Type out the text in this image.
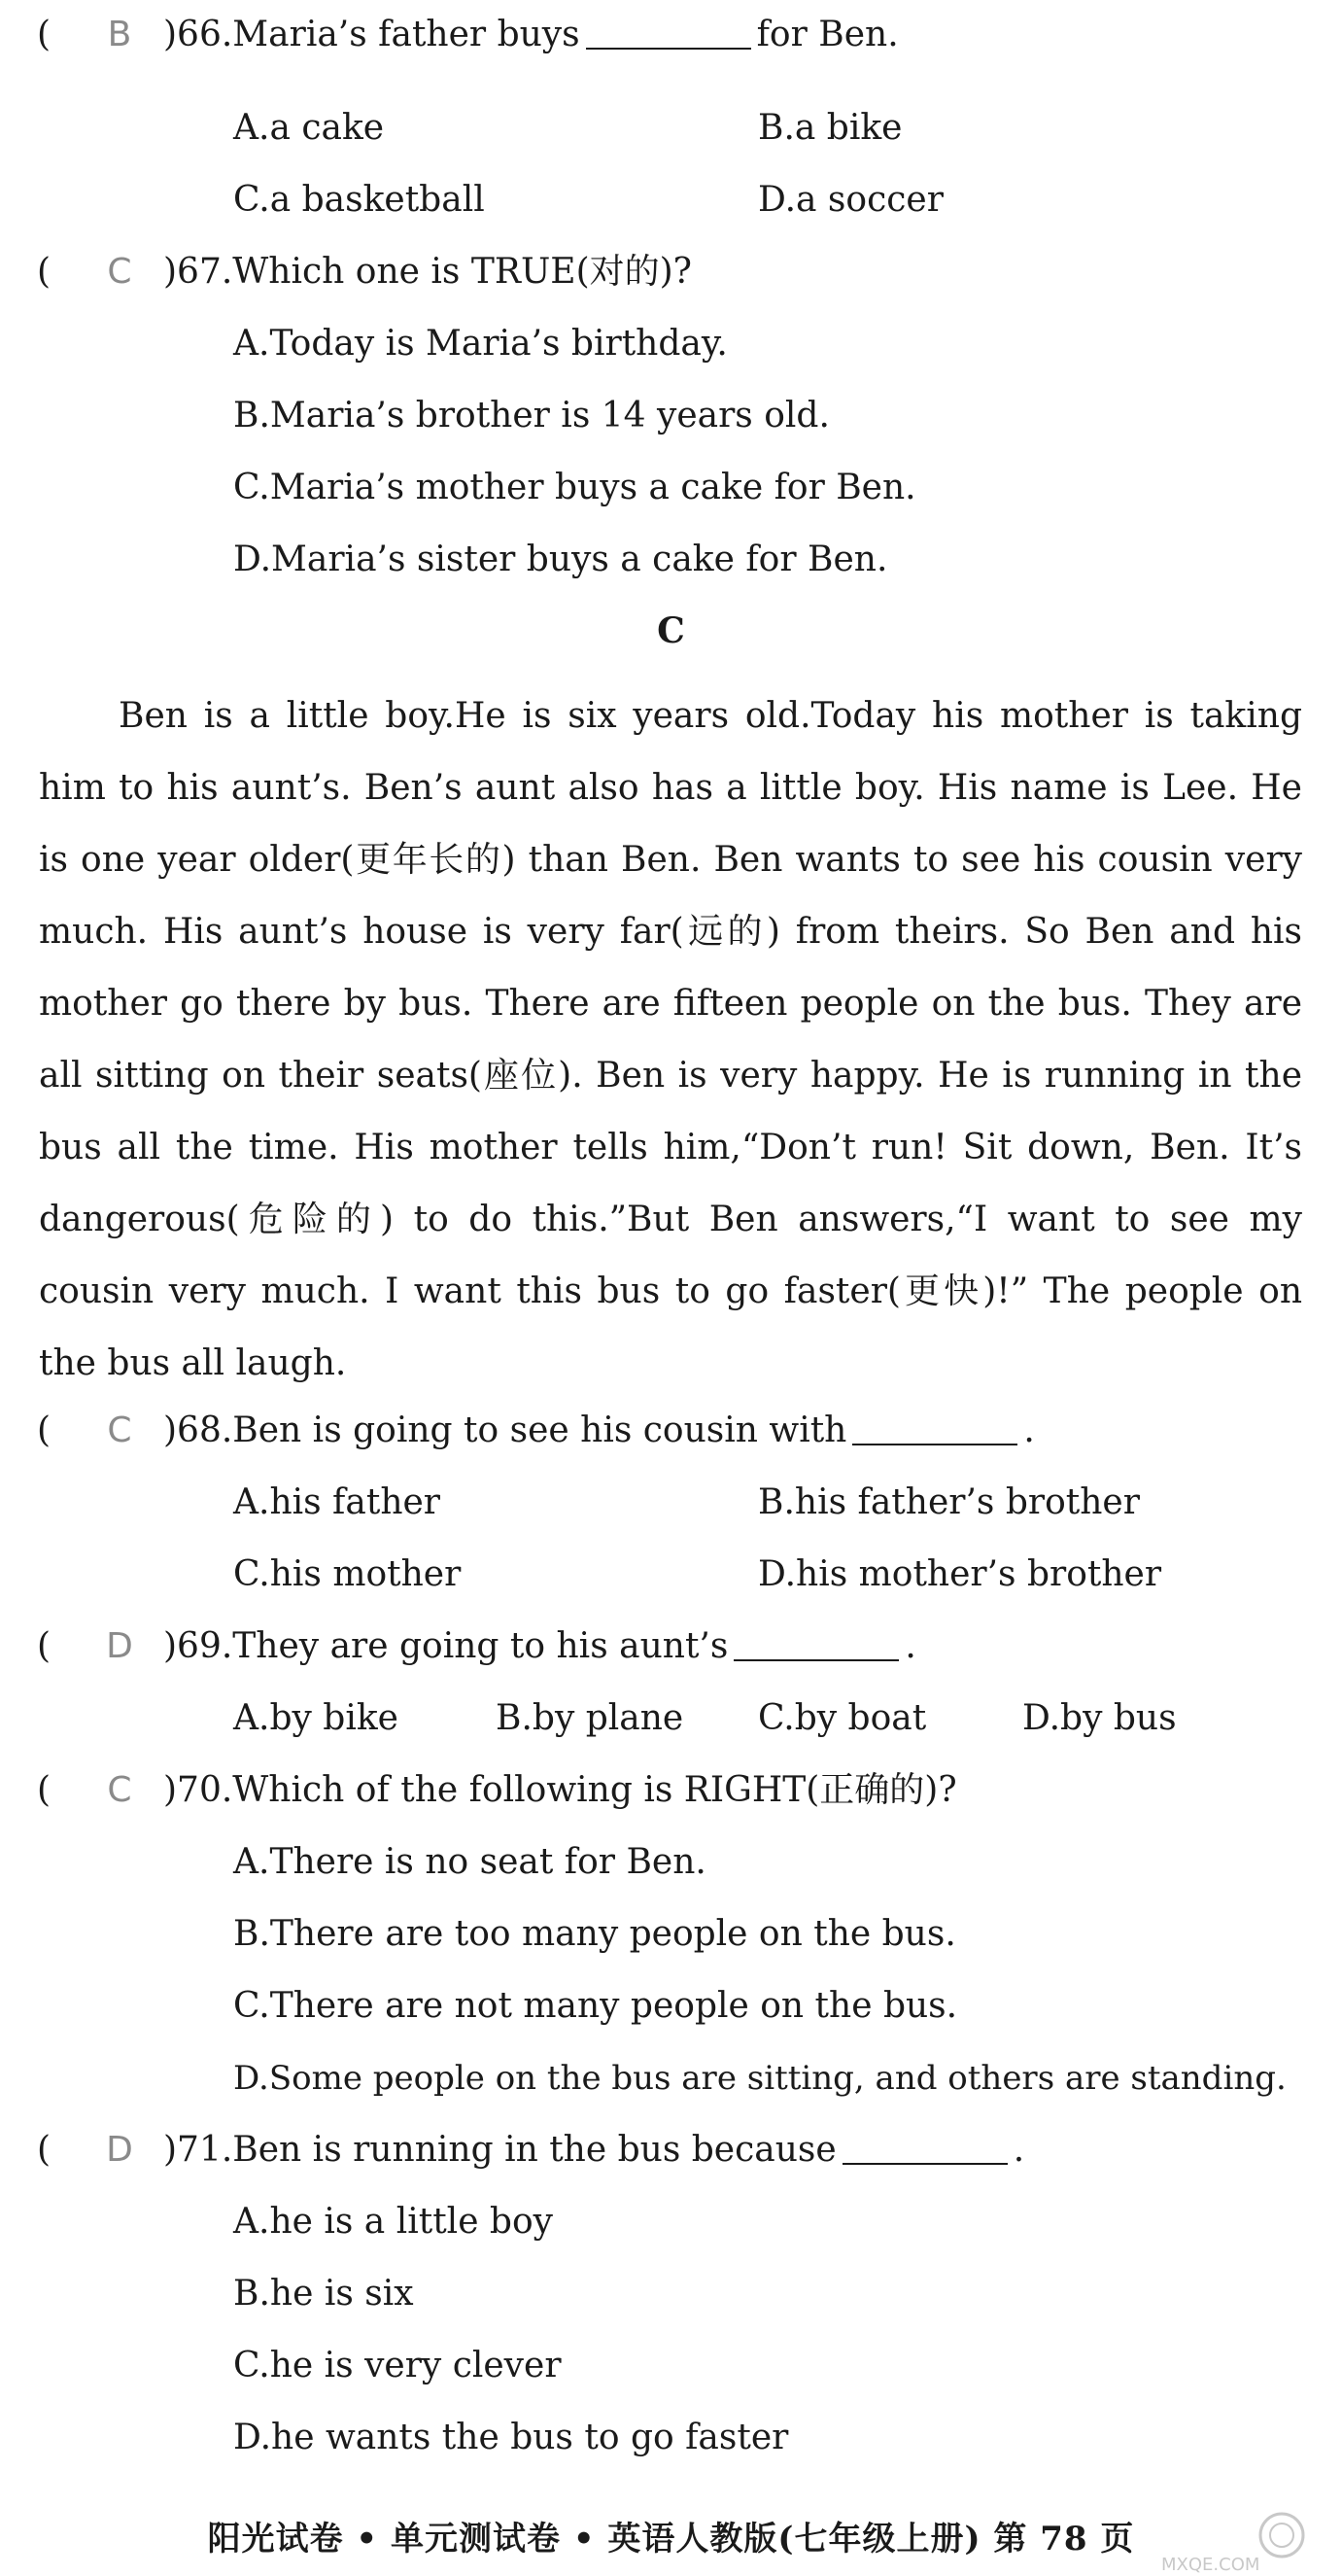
( B )66.Maria’s father buys	for Ben.
A.a cake	B.a bike
C.a basketball	D.a soccer
( C )67.Which one is TRUE(对的)?
A.Today is Maria’s birthday.
B.Maria’s brother is 14 years old.
C.Maria’s mother buys a cake for Ben.
D.Maria’s sister buys a cake for Ben.
C

Ben is a little boy.He is six years old.Today his mother is taking him to his aunt’s. Ben’s aunt also has a little boy. His name is Lee. He is one year older(更年长的) than Ben. Ben wants to see his cousin very much. His aunt’s house is very far(远的) from theirs. So Ben and his mother go there by bus. There are fifteen people on the bus. They are all sitting on their seats(座位). Ben is very happy. He is running in the bus all the time. His mother tells him,“Don’t run! Sit down, Ben. It’s dangerous(危险的) to do this.”But Ben answers,“I want to see my cousin very much. I want this bus to go faster(更快)!” The people on the bus all laugh.

( C )68.Ben is going to see his cousin with	.
A.his father	B.his father’s brother
C.his mother	D.his mother’s brother
( D )69.They are going to his aunt’s	.
A.by bike	B.by plane C.by boat	D.by bus
( C )70.Which of the following is RIGHT(正确的)?
A.There is no seat for Ben.
B.There are too many people on the bus.
C.There are not many people on the bus.
D.Some people on the bus are sitting, and others are standing.
( D )71.Ben is running in the bus because	.
A.he is a little boy
B.he is six
C.he is very clever
D.he wants the bus to go faster
阳光试卷 • 单元测试卷 • 英语人教版(七年级上册) 第 78 页
MXQE.COM
